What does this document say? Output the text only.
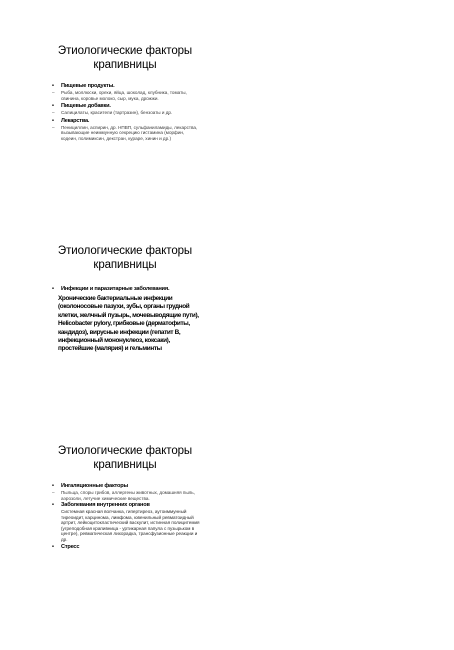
Этиологические факторы
крапивницы
• Пищевые продукты.
– Рыба, моллюски, орехи, яйца, шоколад, клубника, томаты, свинина, коровье молоко, сыр, мука, дрожжи.
• Пищевые добавки.
– Салицилаты, красители (тартразин), бензоаты и др.
• Лекарства.
– Пенициллин, аспирин, др. НПВП, сульфаниламиды, лекарства, вызывающие неиммунную секрецию гистамина (морфин, кодеин, полимиксин, декстран, кураре, хинин и др.)
Этиологические факторы
крапивницы
• Инфекции и паразитарные заболевания.
Хронические бактериальные инфекции (околоносовые пазухи, зубы, органы грудной клетки, желчный пузырь, мочевыводящие пути), Helicobacter pylory, грибковые (дерматофиты, кандидоз), вирусные инфекции (гепатит В, инфекционный мононуклеоз, коксаки), простейшие (малярия) и гельминты
Этиологические факторы
крапивницы
• Ингаляционные факторы
– Пыльца, споры грибов, аллергены животных, домашняя пыль, аэрозоли, летучие химические вещества.
• Заболевания внутренних органов
Системная красная волчанка, гипертиреоз, аутоиммунный тиреоидит, карцинома, лимфома, ювенильный ревматоидный артрит, лейкоцитокластический васкулит, истинная полицитемия (угреподобная крапивница - уртикарная папула с пузырьком в центре), ревматическая лихорадка, трансфузионные реакции и др.
• Стресс
